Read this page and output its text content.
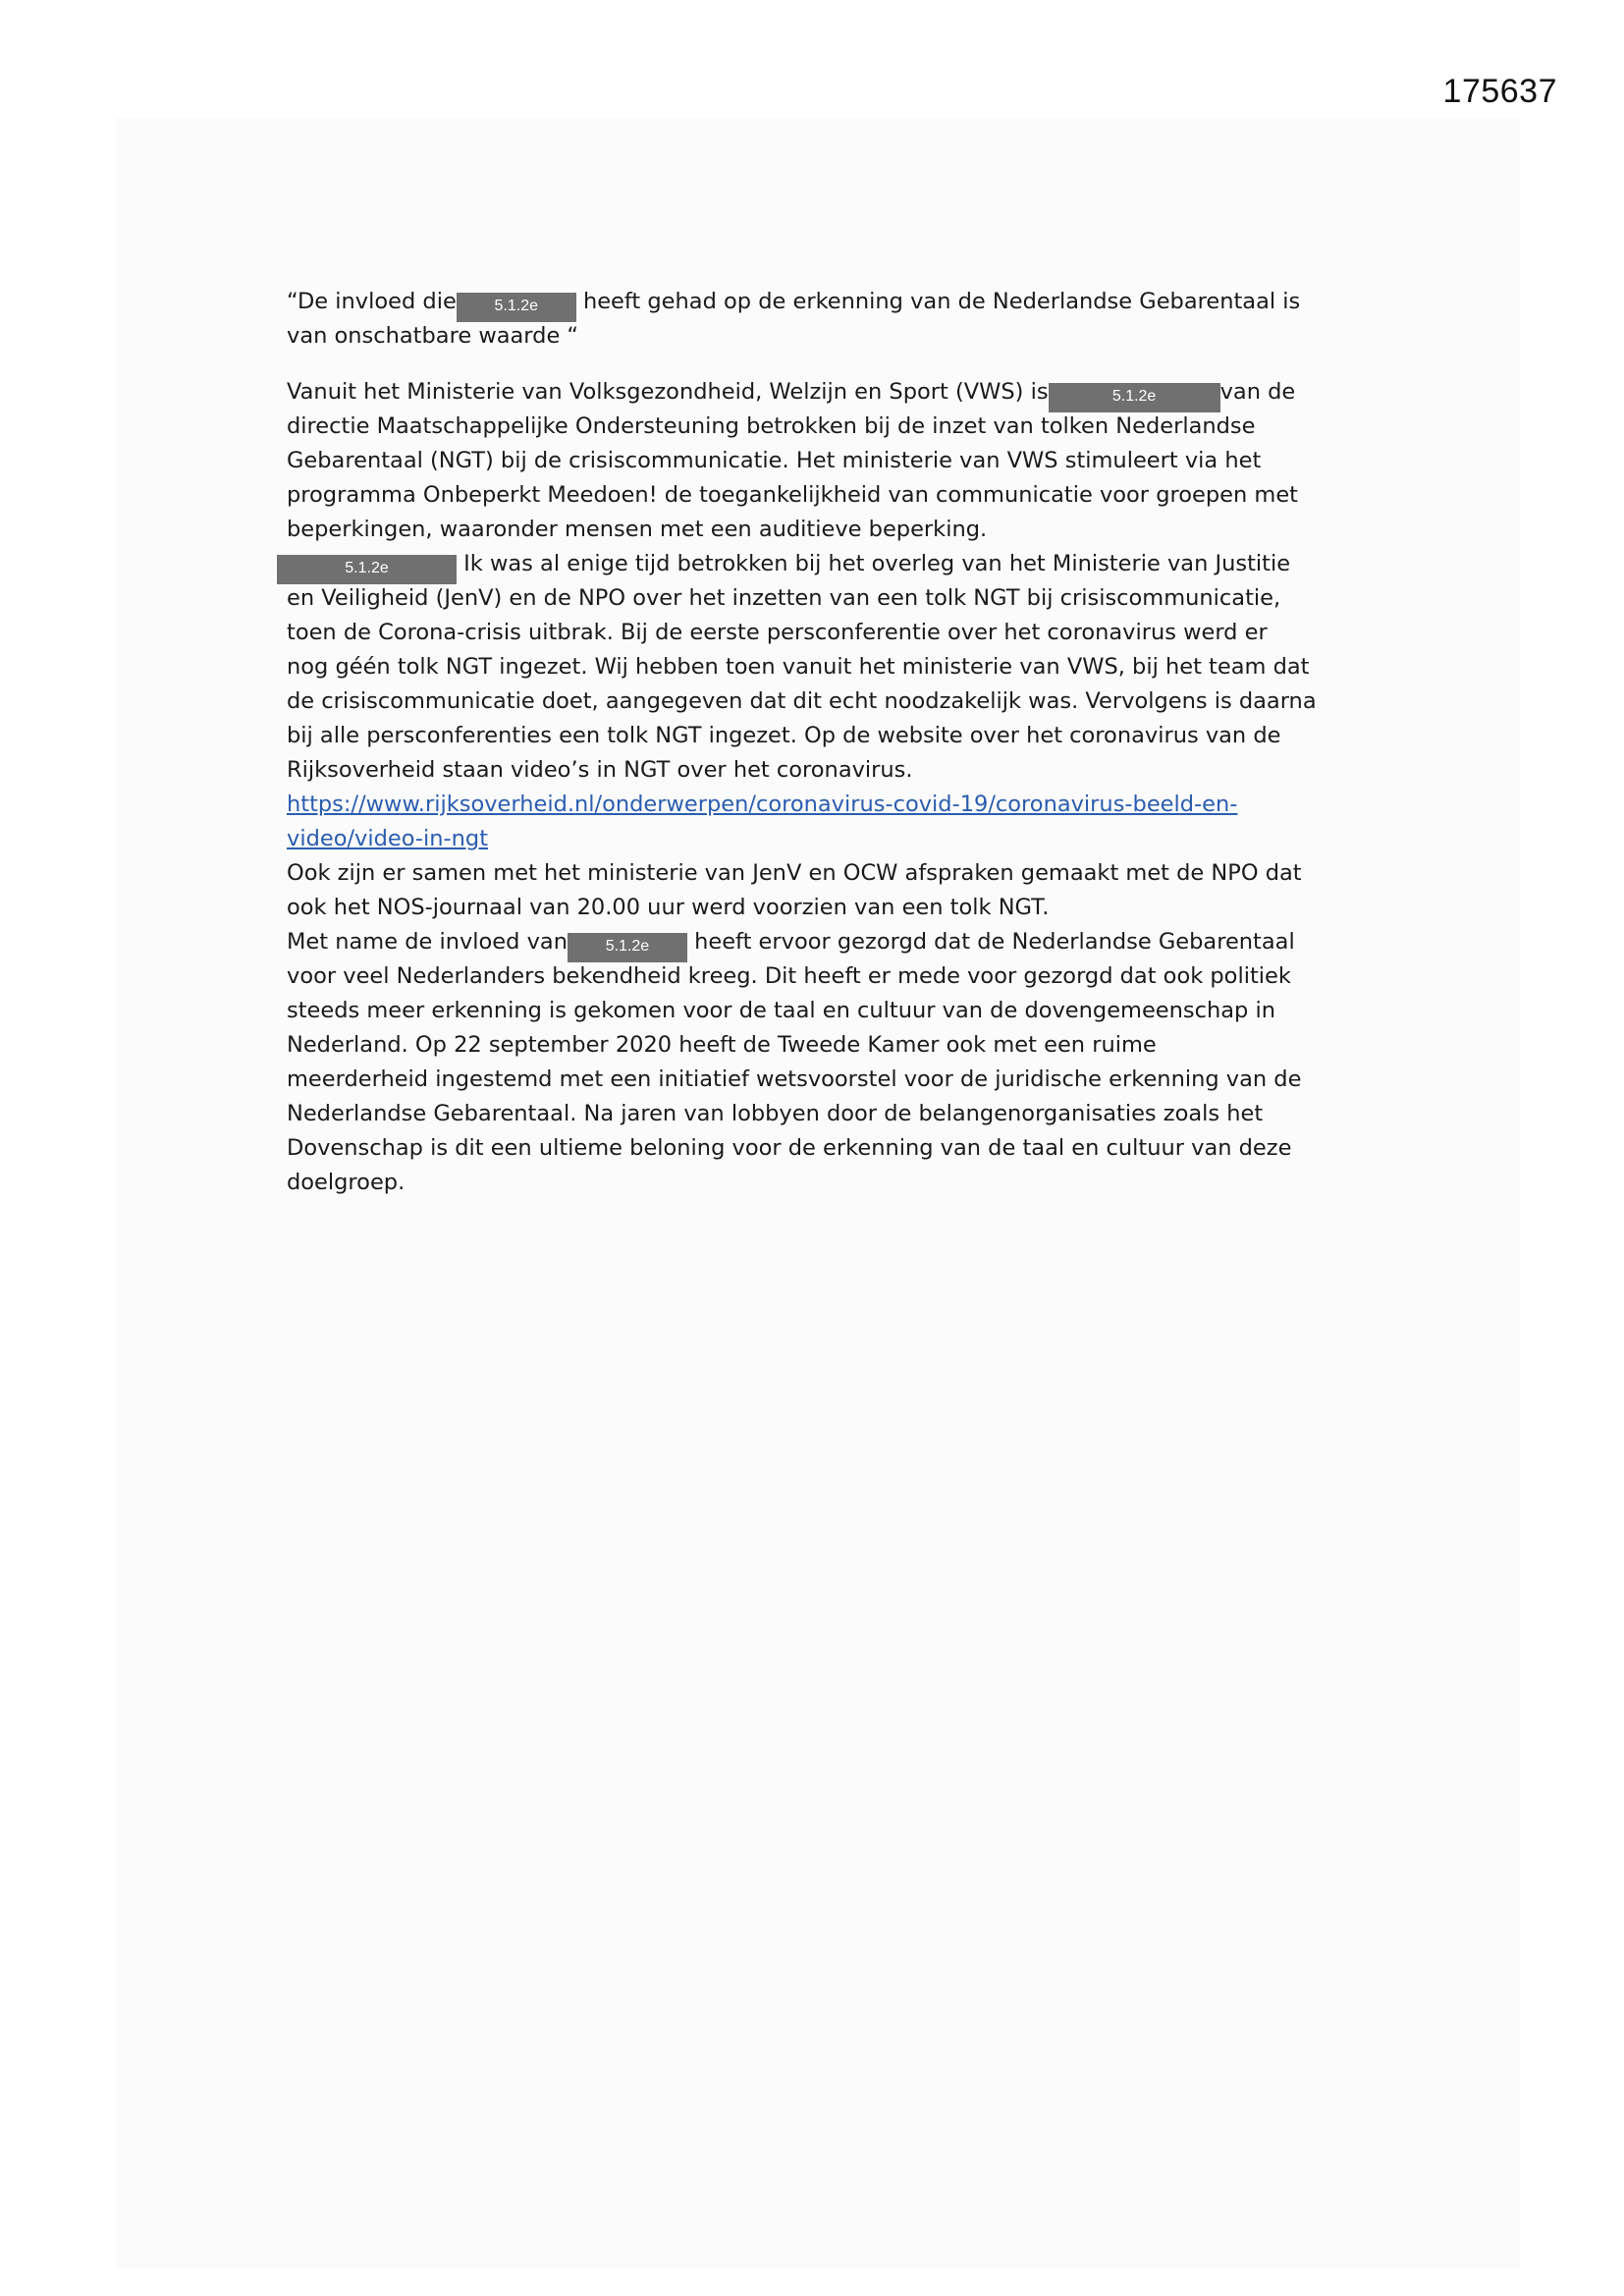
175637
“De invloed die 5.1.2e heeft gehad op de erkenning van de Nederlandse Gebarentaal is
van onschatbare waarde “
Vanuit het Ministerie van Volksgezondheid, Welzijn en Sport (VWS) is	5.1.2e	van de
directie Maatschappelijke Ondersteuning betrokken bij de inzet van tolken Nederlandse
Gebarentaal (NGT) bij de crisiscommunicatie. Het ministerie van VWS stimuleert via het
programma Onbeperkt Meedoen! de toegankelijkheid van communicatie voor groepen met
beperkingen, waaronder mensen met een auditieve beperking.
5.1.2e	Ik was al enige tijd betrokken bij het overleg van het Ministerie van Justitie
en Veiligheid (JenV) en de NPO over het inzetten van een tolk NGT bij crisiscommunicatie,
toen de Corona-crisis uitbrak. Bij de eerste persconferentie over het coronavirus werd er
nog géén tolk NGT ingezet. Wij hebben toen vanuit het ministerie van VWS, bij het team dat
de crisiscommunicatie doet, aangegeven dat dit echt noodzakelijk was. Vervolgens is daarna
bij alle persconferenties een tolk NGT ingezet. Op de website over het coronavirus van de
Rijksoverheid staan video’s in NGT over het coronavirus.
https://www.rijksoverheid.nl/onderwerpen/coronavirus-covid-19/coronavirus-beeld-en-
video/video-in-ngt
Ook zijn er samen met het ministerie van JenV en OCW afspraken gemaakt met de NPO dat
ook het NOS-journaal van 20.00 uur werd voorzien van een tolk NGT.
Met name de invloed van 5.1.2e heeft ervoor gezorgd dat de Nederlandse Gebarentaal
voor veel Nederlanders bekendheid kreeg. Dit heeft er mede voor gezorgd dat ook politiek
steeds meer erkenning is gekomen voor de taal en cultuur van de dovengemeenschap in
Nederland. Op 22 september 2020 heeft de Tweede Kamer ook met een ruime
meerderheid ingestemd met een initiatief wetsvoorstel voor de juridische erkenning van de
Nederlandse Gebarentaal. Na jaren van lobbyen door de belangenorganisaties zoals het
Dovenschap is dit een ultieme beloning voor de erkenning van de taal en cultuur van deze
doelgroep.
